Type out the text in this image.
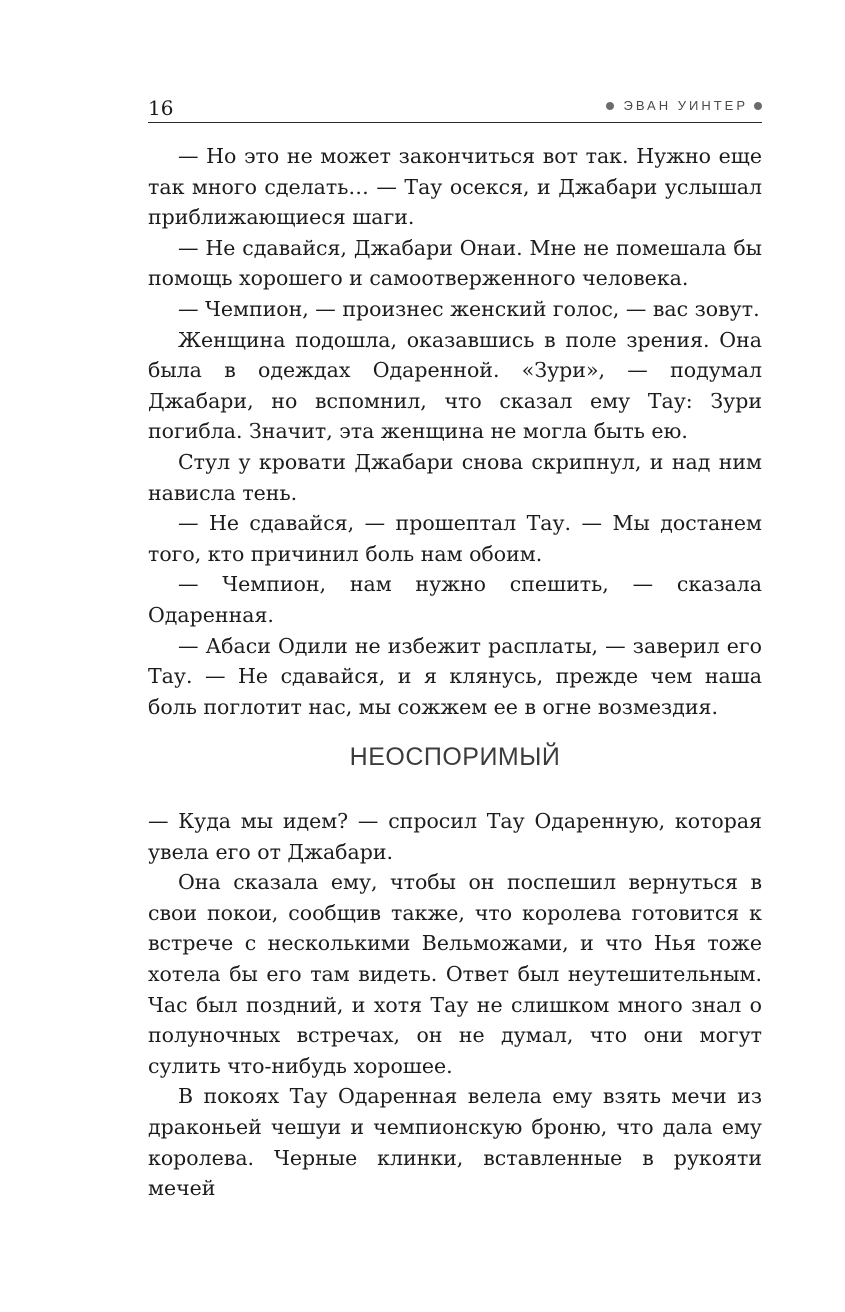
16	ЭВАН УИНТЕР

— Но это не может закончиться вот так. Нужно еще так много сделать… — Тау осекся, и Джабари услышал приближающиеся шаги.

— Не сдавайся, Джабари Онаи. Мне не помешала бы помощь хорошего и самоотверженного человека.

— Чемпион, — произнес женский голос, — вас зовут.

Женщина подошла, оказавшись в поле зрения. Она была в одеждах Одаренной. «Зури», — подумал Джабари, но вспомнил, что сказал ему Тау: Зури погибла. Значит, эта женщина не могла быть ею.

Стул у кровати Джабари снова скрипнул, и над ним нависла тень.

— Не сдавайся, — прошептал Тау. — Мы достанем того, кто причинил боль нам обоим.

— Чемпион, нам нужно спешить, — сказала Одаренная.

— Абаси Одили не избежит расплаты, — заверил его Тау. — Не сдавайся, и я клянусь, прежде чем наша боль поглотит нас, мы сожжем ее в огне возмездия.

НЕОСПОРИМЫЙ

— Куда мы идем? — спросил Тау Одаренную, которая увела его от Джабари.

Она сказала ему, чтобы он поспешил вернуться в свои покои, сообщив также, что королева готовится к встрече с несколькими Вельможами, и что Нья тоже хотела бы его там видеть. Ответ был неутешительным. Час был поздний, и хотя Тау не слишком много знал о полуночных встречах, он не думал, что они могут сулить что-нибудь хорошее.

В покоях Тау Одаренная велела ему взять мечи из драконьей чешуи и чемпионскую броню, что дала ему королева. Черные клинки, вставленные в рукояти мечей
